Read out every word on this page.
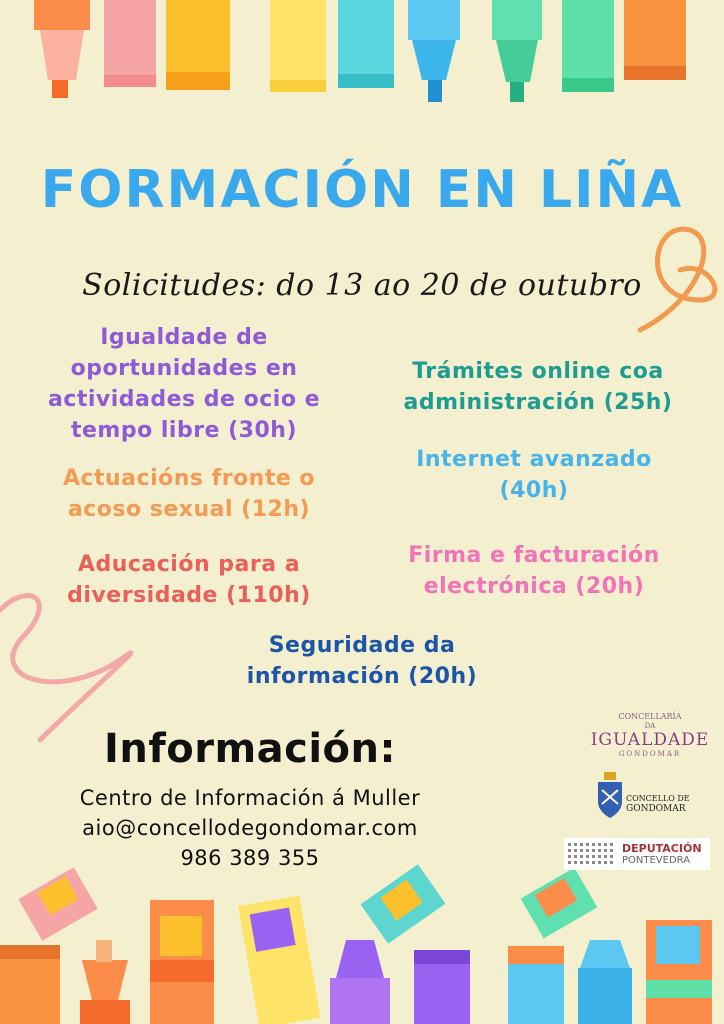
FORMACIÓN EN LIÑA
Solicitudes: do 13 ao 20 de outubro
Igualdade de
oportunidades en
actividades de ocio e
tempo libre (30h)
Actuacións fronte o
acoso sexual (12h)
Aducación para a
diversidade (110h)
Trámites online coa
administración (25h)
Internet avanzado
(40h)
Firma e facturación
electrónica (20h)
Seguridade da
información (20h)
Información:
Centro de Información á Muller
aio@concellodegondomar.com
986 389 355
CONCELLARÍA
DA
IGUALDADE
GONDOMAR
CONCELLO DE
GONDOMAR
DEPUTACIÓN
PONTEVEDRA
